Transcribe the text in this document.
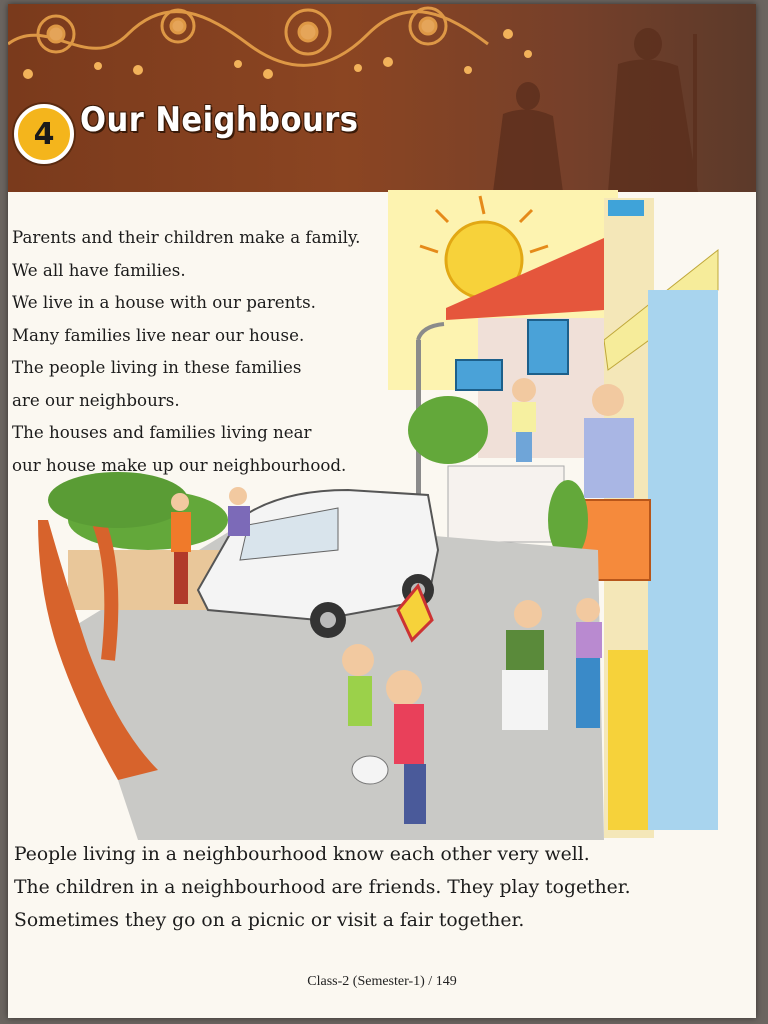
4 Our Neighbours

Parents and their children make a family.

We all have families.

We live in a house with our parents.

Many families live near our house.

The people living in these families

are our neighbours.

The houses and families living near

our house make up our neighbourhood.

People living in a neighbourhood know each other very well.

The children in a neighbourhood are friends. They play together.

Sometimes they go on a picnic or visit a fair together.

Class-2 (Semester-1) / 149
